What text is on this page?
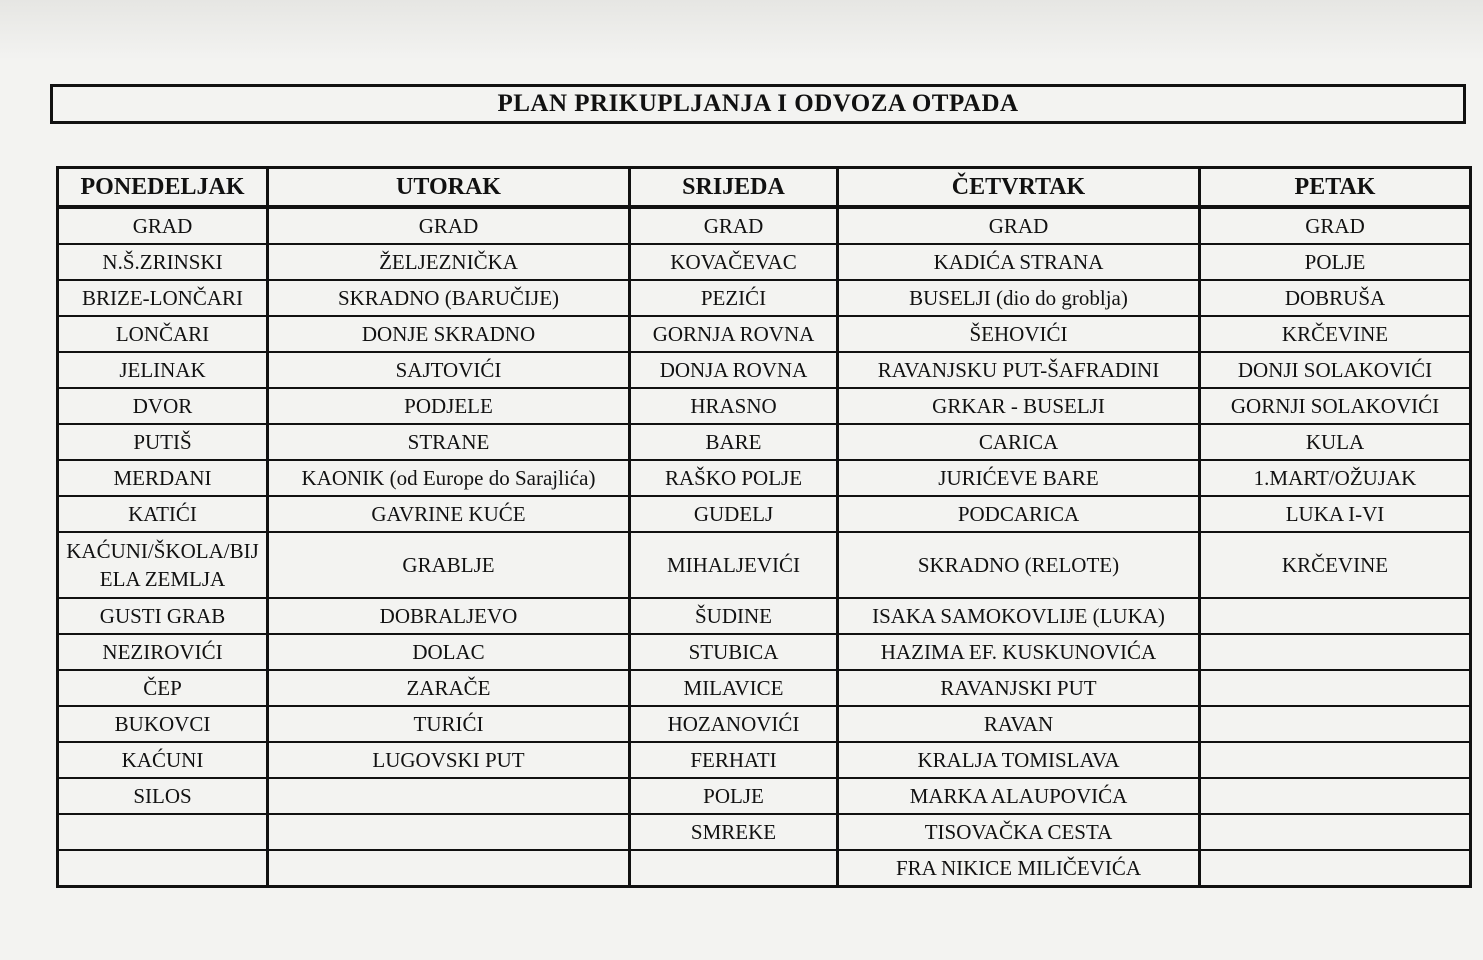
PLAN PRIKUPLJANJA I ODVOZA OTPADA
PONEDELJAK	UTORAK	SRIJEDA	ČETVRTAK	PETAK
GRAD	GRAD	GRAD	GRAD	GRAD
N.Š.ZRINSKI	ŽELJEZNIČKA	KOVAČEVAC	KADIĆA STRANA	POLJE
BRIZE-LONČARI	SKRADNO (BARUČIJE)	PEZIĆI	BUSELJI (dio do groblja)	DOBRUŠA
LONČARI	DONJE SKRADNO	GORNJA ROVNA	ŠEHOVIĆI	KRČEVINE
JELINAK	SAJTOVIĆI	DONJA ROVNA	RAVANJSKU PUT-ŠAFRADINI	DONJI SOLAKOVIĆI
DVOR	PODJELE	HRASNO	GRKAR - BUSELJI	GORNJI SOLAKOVIĆI
PUTIŠ	STRANE	BARE	CARICA	KULA
MERDANI	KAONIK (od Europe do Sarajlića)	RAŠKO POLJE	JURIĆEVE BARE	1.MART/OŽUJAK
KATIĆI	GAVRINE KUĆE	GUDELJ	PODCARICA	LUKA I-VI
KAĆUNI/ŠKOLA/BIJELA ZEMLJA	GRABLJE	MIHALJEVIĆI	SKRADNO (RELOTE)	KRČEVINE
GUSTI GRAB	DOBRALJEVO	ŠUDINE	ISAKA SAMOKOVLIJE (LUKA)	
NEZIROVIĆI	DOLAC	STUBICA	HAZIMA EF. KUSKUNOVIĆA	
ČEP	ZARAČE	MILAVICE	RAVANJSKI PUT	
BUKOVCI	TURIĆI	HOZANOVIĆI	RAVAN	
KAĆUNI	LUGOVSKI PUT	FERHATI	KRALJA TOMISLAVA	
SILOS		POLJE	MARKA ALAUPOVIĆA	
		SMREKE	TISOVAČKA CESTA	
			FRA NIKICE MILIČEVIĆA	
